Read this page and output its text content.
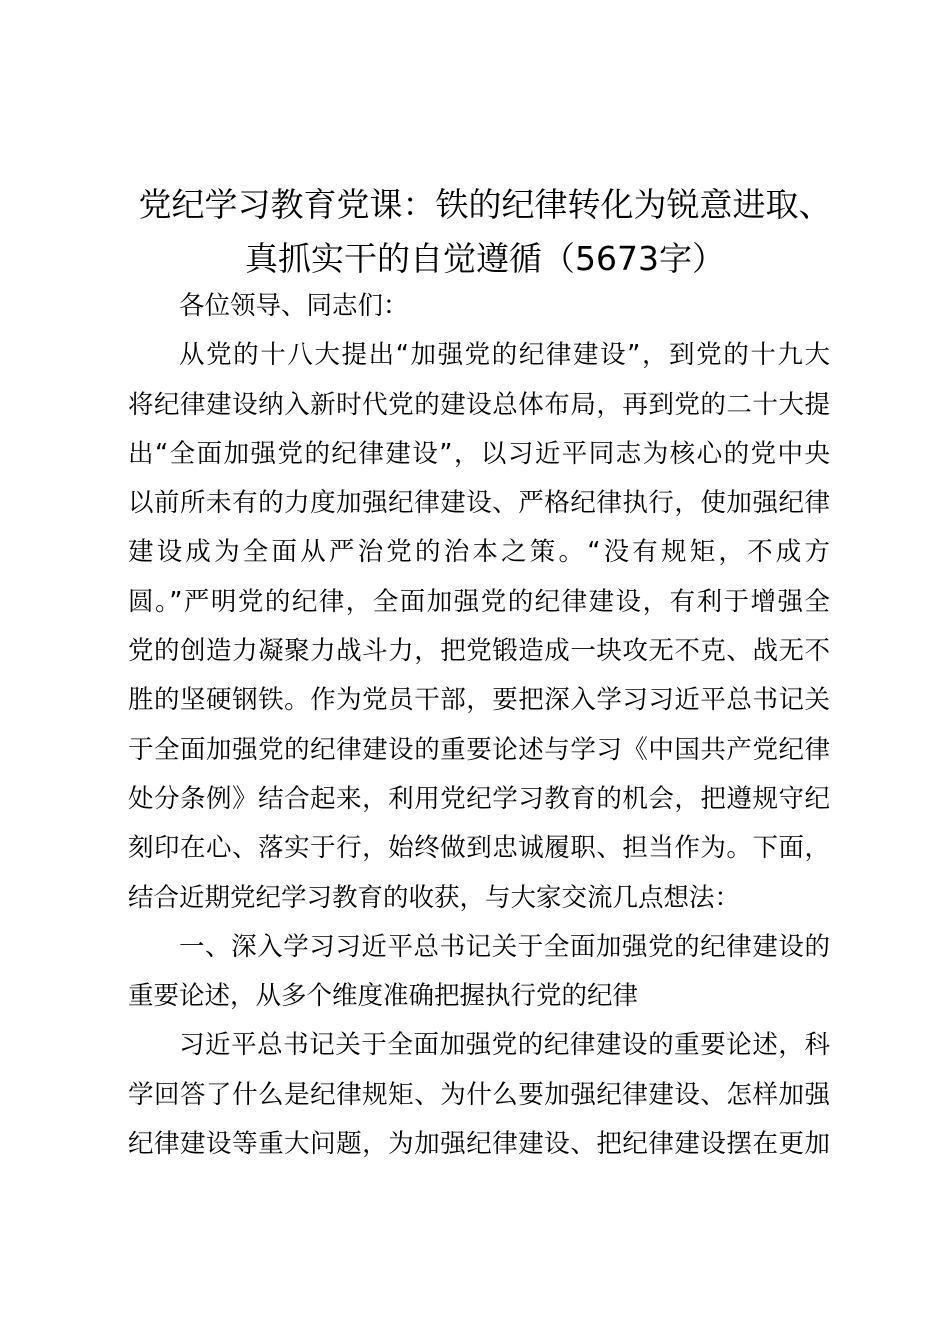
党纪学习教育党课：铁的纪律转化为锐意进取、
真抓实干的自觉遵循（5673字）
各位领导、同志们：
从党的十八大提出“加强党的纪律建设”，到党的十九大
将纪律建设纳入新时代党的建设总体布局，再到党的二十大提
出“全面加强党的纪律建设”，以习近平同志为核心的党中央
以前所未有的力度加强纪律建设、严格纪律执行，使加强纪律
建设成为全面从严治党的治本之策。“没有规矩，不成方
圆。”严明党的纪律，全面加强党的纪律建设，有利于增强全
党的创造力凝聚力战斗力，把党锻造成一块攻无不克、战无不
胜的坚硬钢铁。作为党员干部，要把深入学习习近平总书记关
于全面加强党的纪律建设的重要论述与学习《中国共产党纪律
处分条例》结合起来，利用党纪学习教育的机会，把遵规守纪
刻印在心、落实于行，始终做到忠诚履职、担当作为。下面，
结合近期党纪学习教育的收获，与大家交流几点想法：
一、深入学习习近平总书记关于全面加强党的纪律建设的
重要论述，从多个维度准确把握执行党的纪律
习近平总书记关于全面加强党的纪律建设的重要论述，科
学回答了什么是纪律规矩、为什么要加强纪律建设、怎样加强
纪律建设等重大问题，为加强纪律建设、把纪律建设摆在更加
